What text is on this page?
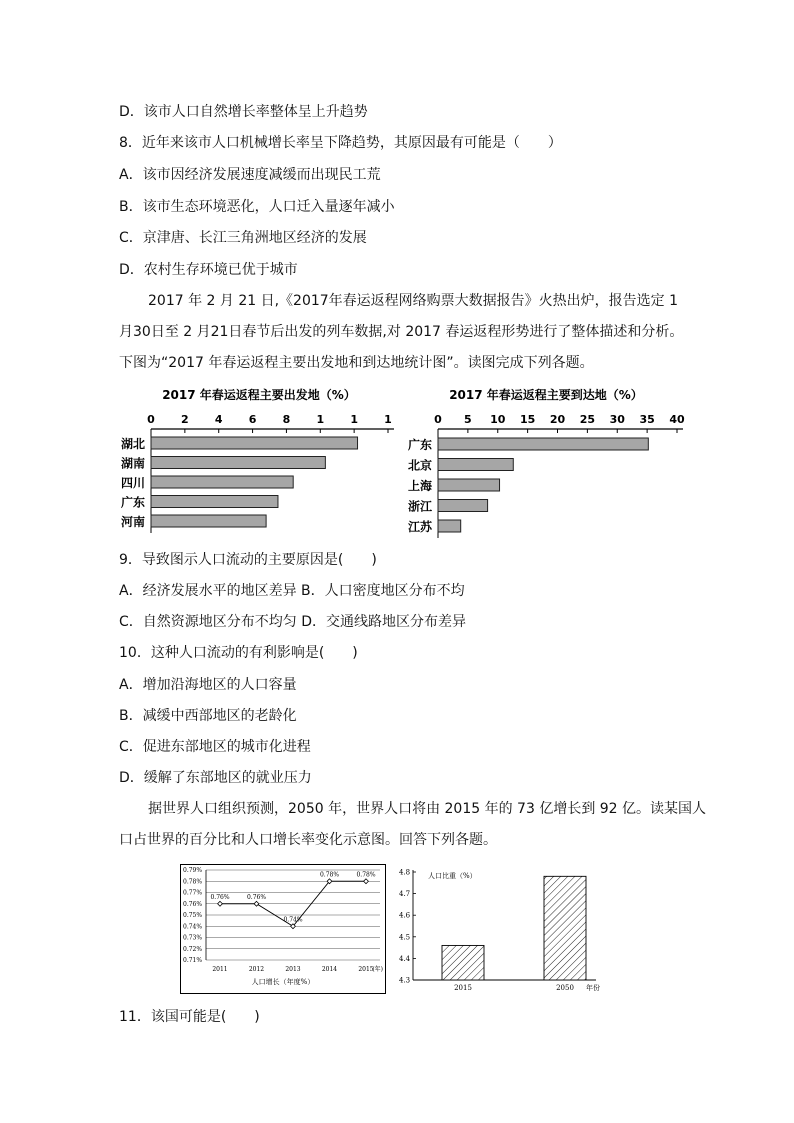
D．该市人口自然增长率整体呈上升趋势
8．近年来该市人口机械增长率呈下降趋势，其原因最有可能是（　　）
A．该市因经济发展速度减缓而出现民工荒
B．该市生态环境恶化，人口迁入量逐年减小
C．京津唐、长江三角洲地区经济的发展
D．农村生存环境已优于城市
2017 年 2 月 21 日,《2017年春运返程网络购票大数据报告》火热出炉，报告选定 1
月30日至 2 月21日春节后出发的列车数据,对 2017 春运返程形势进行了整体描述和分析。
下图为“2017 年春运返程主要出发地和到达地统计图”。读图完成下列各题。
2017 年春运返程主要出发地（%）
0 2 4 6 8 1 1 1
湖北
湖南
四川
广东
河南
2017 年春运返程主要到达地（%）
0 5 10 15 20 25 30 35 40
广东
北京
上海
浙江
江苏
9．导致图示人口流动的主要原因是(　　)
A．经济发展水平的地区差异 B．人口密度地区分布不均
C．自然资源地区分布不均匀 D．交通线路地区分布差异
10．这种人口流动的有利影响是(　　)
A．增加沿海地区的人口容量
B．减缓中西部地区的老龄化
C．促进东部地区的城市化进程
D．缓解了东部地区的就业压力
据世界人口组织预测，2050 年，世界人口将由 2015 年的 73 亿增长到 92 亿。读某国人
口占世界的百分比和人口增长率变化示意图。回答下列各题。
0.79%
0.78%
0.77%
0.76%
0.75%
0.74%
0.73%
0.72%
0.71%
0.76%
2011
0.76%
2012
0.74%
2013
0.78%
2014
0.78%
2015
(年)
人口增长（年度%）
4.8
4.7
4.6
4.5
4.4
4.3
人口比重（%）
2015	2050 年份
11．该国可能是(　　)
